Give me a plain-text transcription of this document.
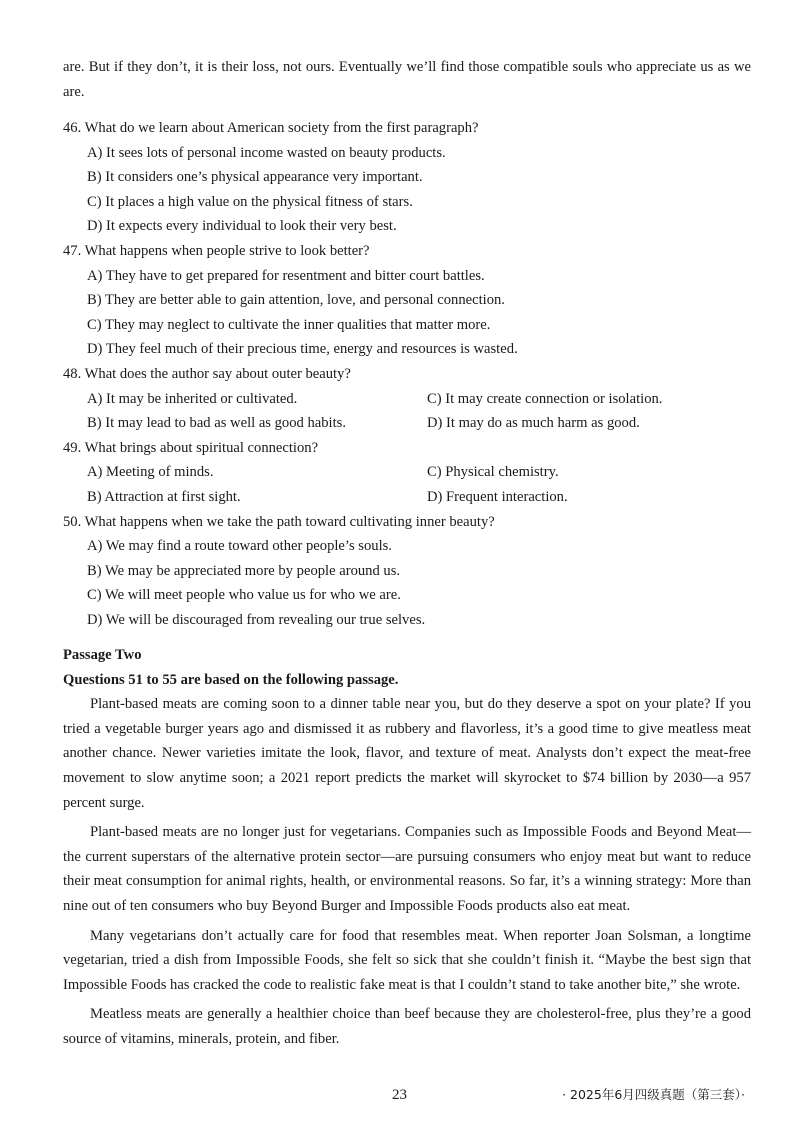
are. But if they don’t, it is their loss, not ours. Eventually we’ll find those compatible souls who appreciate us as we are.
46. What do we learn about American society from the first paragraph?
A) It sees lots of personal income wasted on beauty products.
B) It considers one’s physical appearance very important.
C) It places a high value on the physical fitness of stars.
D) It expects every individual to look their very best.
47. What happens when people strive to look better?
A) They have to get prepared for resentment and bitter court battles.
B) They are better able to gain attention, love, and personal connection.
C) They may neglect to cultivate the inner qualities that matter more.
D) They feel much of their precious time, energy and resources is wasted.
48. What does the author say about outer beauty?
A) It may be inherited or cultivated.	C) It may create connection or isolation.
B) It may lead to bad as well as good habits.	D) It may do as much harm as good.
49. What brings about spiritual connection?
A) Meeting of minds.	C) Physical chemistry.
B) Attraction at first sight.	D) Frequent interaction.
50. What happens when we take the path toward cultivating inner beauty?
A) We may find a route toward other people’s souls.
B) We may be appreciated more by people around us.
C) We will meet people who value us for who we are.
D) We will be discouraged from revealing our true selves.
Passage Two
Questions 51 to 55 are based on the following passage.
Plant-based meats are coming soon to a dinner table near you, but do they deserve a spot on your plate? If you tried a vegetable burger years ago and dismissed it as rubbery and flavorless, it’s a good time to give meatless meat another chance. Newer varieties imitate the look, flavor, and texture of meat. Analysts don’t expect the meat-free movement to slow anytime soon; a 2021 report predicts the market will skyrocket to $74 billion by 2030—a 957 percent surge.
Plant-based meats are no longer just for vegetarians. Companies such as Impossible Foods and Beyond Meat—the current superstars of the alternative protein sector—are pursuing consumers who enjoy meat but want to reduce their meat consumption for animal rights, health, or environmental reasons. So far, it’s a winning strategy: More than nine out of ten consumers who buy Beyond Burger and Impossible Foods products also eat meat.
Many vegetarians don’t actually care for food that resembles meat. When reporter Joan Solsman, a longtime vegetarian, tried a dish from Impossible Foods, she felt so sick that she couldn’t finish it. “Maybe the best sign that Impossible Foods has cracked the code to realistic fake meat is that I couldn’t stand to take another bite,” she wrote.
Meatless meats are generally a healthier choice than beef because they are cholesterol-free, plus they’re a good source of vitamins, minerals, protein, and fiber.
23	· 2025年6月四级真题（第三套）·
